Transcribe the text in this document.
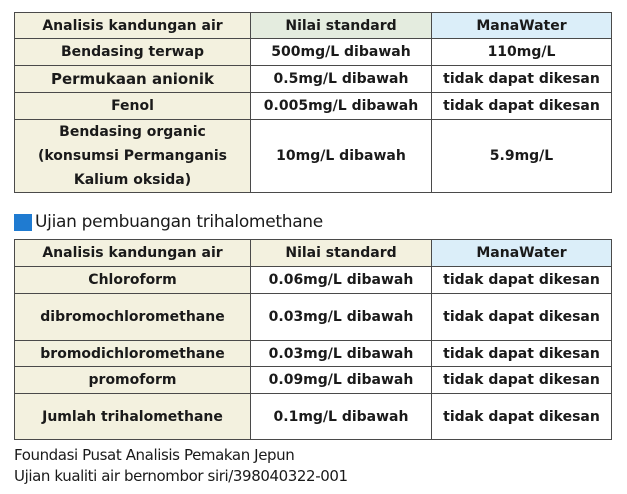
Analisis kandungan air	Nilai standard	ManaWater
Bendasing terwap	500mg/L dibawah	110mg/L
Permukaan anionik	0.5mg/L dibawah	tidak dapat dikesan
Fenol	0.005mg/L dibawah	tidak dapat dikesan

Bendasing organic
(konsumsi Permanganis
Kalium oksida)	10mg/L dibawah	5.9mg/L
Ujian pembuangan trihalomethane
Analisis kandungan air	Nilai standard	ManaWater
Chloroform	0.06mg/L dibawah	tidak dapat dikesan
dibromochloromethane	0.03mg/L dibawah	tidak dapat dikesan
bromodichloromethane	0.03mg/L dibawah	tidak dapat dikesan
promoform	0.09mg/L dibawah	tidak dapat dikesan
Jumlah trihalomethane	0.1mg/L dibawah	tidak dapat dikesan
Foundasi Pusat Analisis Pemakan Jepun
Ujian kualiti air bernombor siri/398040322-001
